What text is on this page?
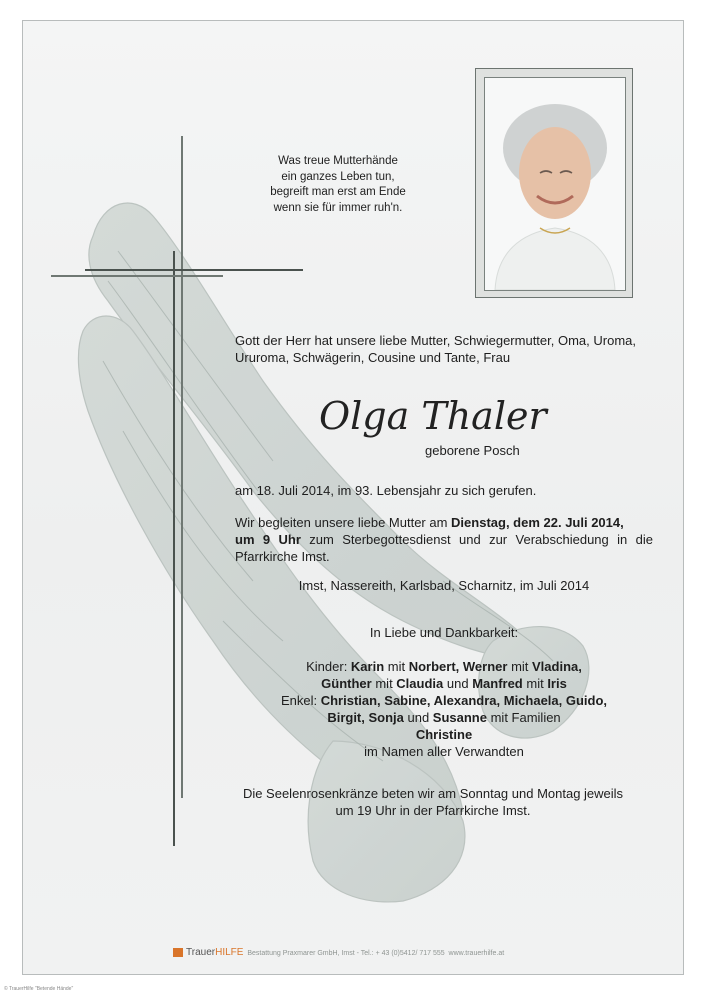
Was treue Mutterhände
ein ganzes Leben tun,
begreift man erst am Ende
wenn sie für immer ruh'n.
Gott der Herr hat unsere liebe Mutter, Schwiegermutter, Oma, Uroma,
Ururoma, Schwägerin, Cousine und Tante, Frau
Olga Thaler
geborene Posch
am 18. Juli 2014, im 93. Lebensjahr zu sich gerufen.
Wir begleiten unsere liebe Mutter am Dienstag, dem 22. Juli 2014,
um 9 Uhr zum Sterbegottesdienst und zur Verabschiedung in die Pfarrkirche Imst.
Imst, Nassereith, Karlsbad, Scharnitz, im Juli 2014
In Liebe und Dankbarkeit:
Kinder: Karin mit Norbert, Werner mit Vladina,
Günther mit Claudia und Manfred mit Iris
Enkel: Christian, Sabine, Alexandra, Michaela, Guido,
Birgit, Sonja und Susanne mit Familien
Christine
im Namen aller Verwandten
Die Seelenrosenkränze beten wir am Sonntag und Montag jeweils
um 19 Uhr in der Pfarrkirche Imst.
TrauerHILFE Bestattung Praxmarer GmbH, Imst - Tel.: + 43 (0)5412/ 717 555 www.trauerhilfe.at
© TrauerHilfe "Betende Hände"
